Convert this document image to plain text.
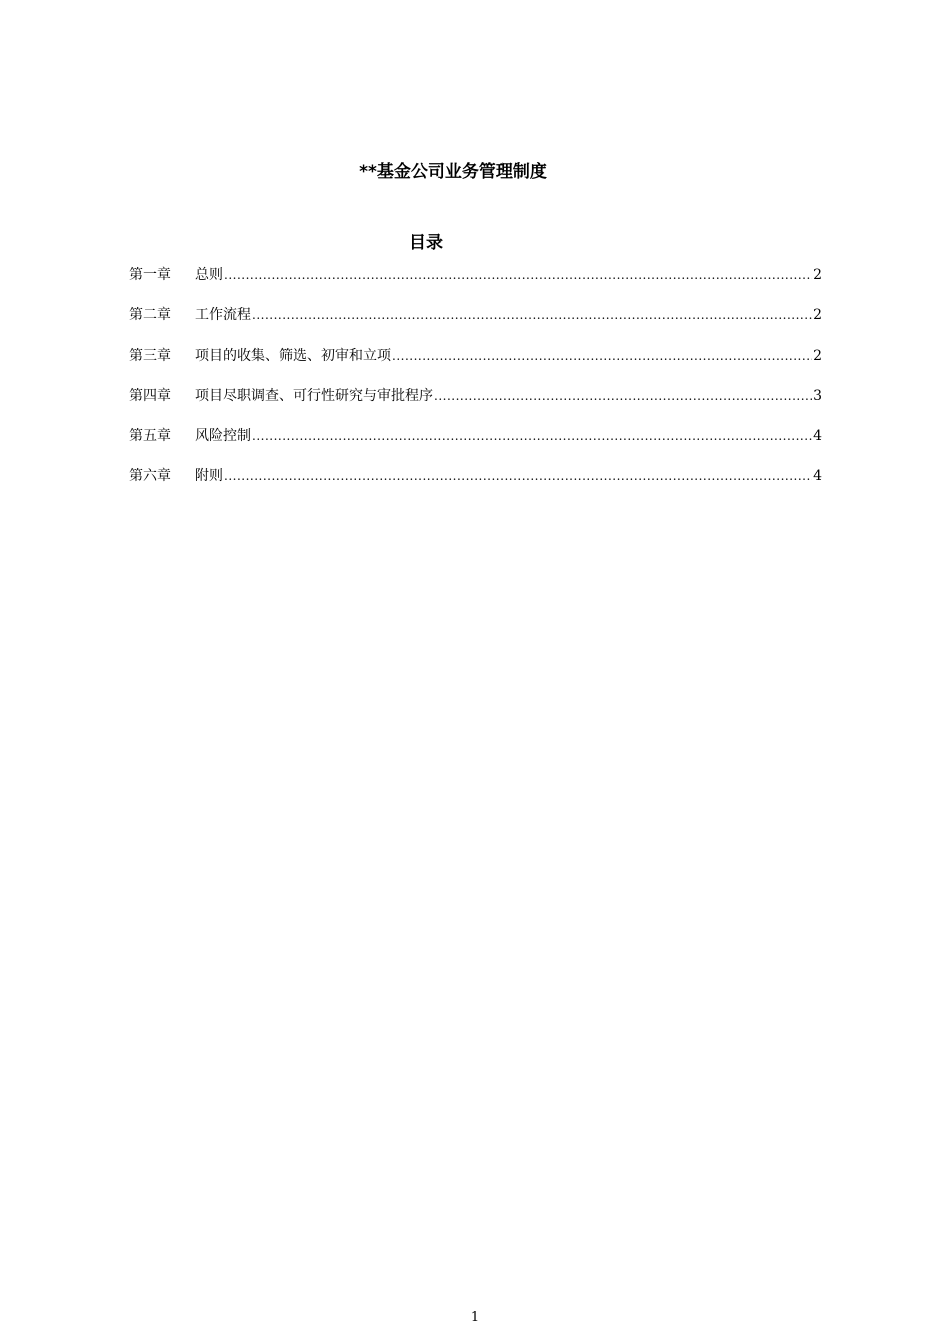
**基金公司业务管理制度
目录
第一章	总则 .....	2
第二章	工作流程 .....	2
第三章	项目的收集、筛选、初审和立项 .....	2
第四章	项目尽职调查、可行性研究与审批程序 .....	3
第五章	风险控制 .....	4
第六章	附则 .....	4
1
